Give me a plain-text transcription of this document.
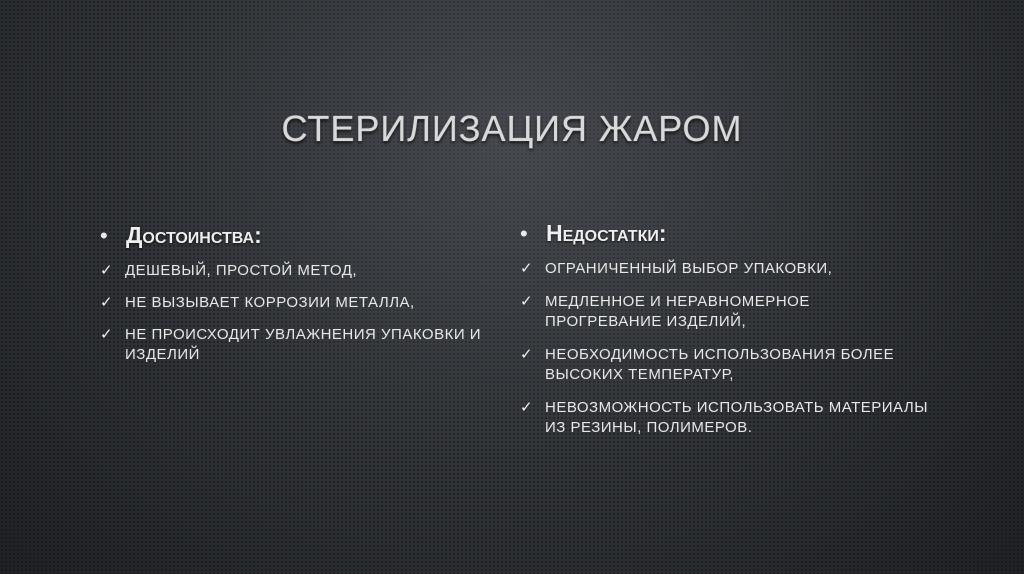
СТЕРИЛИЗАЦИЯ ЖАРОМ
• Достоинства:
✓ ДЕШЕВЫЙ, ПРОСТОЙ МЕТОД,
✓ НЕ ВЫЗЫВАЕТ КОРРОЗИИ МЕТАЛЛА,
✓ НЕ ПРОИСХОДИТ УВЛАЖНЕНИЯ УПАКОВКИ И ИЗДЕЛИЙ
• Недостатки:
✓ ОГРАНИЧЕННЫЙ ВЫБОР УПАКОВКИ,
✓ МЕДЛЕННОЕ И НЕРАВНОМЕРНОЕ ПРОГРЕВАНИЕ ИЗДЕЛИЙ,
✓ НЕОБХОДИМОСТЬ ИСПОЛЬЗОВАНИЯ БОЛЕЕ ВЫСОКИХ ТЕМПЕРАТУР,
✓ НЕВОЗМОЖНОСТЬ ИСПОЛЬЗОВАТЬ МАТЕРИАЛЫ ИЗ РЕЗИНЫ, ПОЛИМЕРОВ.
